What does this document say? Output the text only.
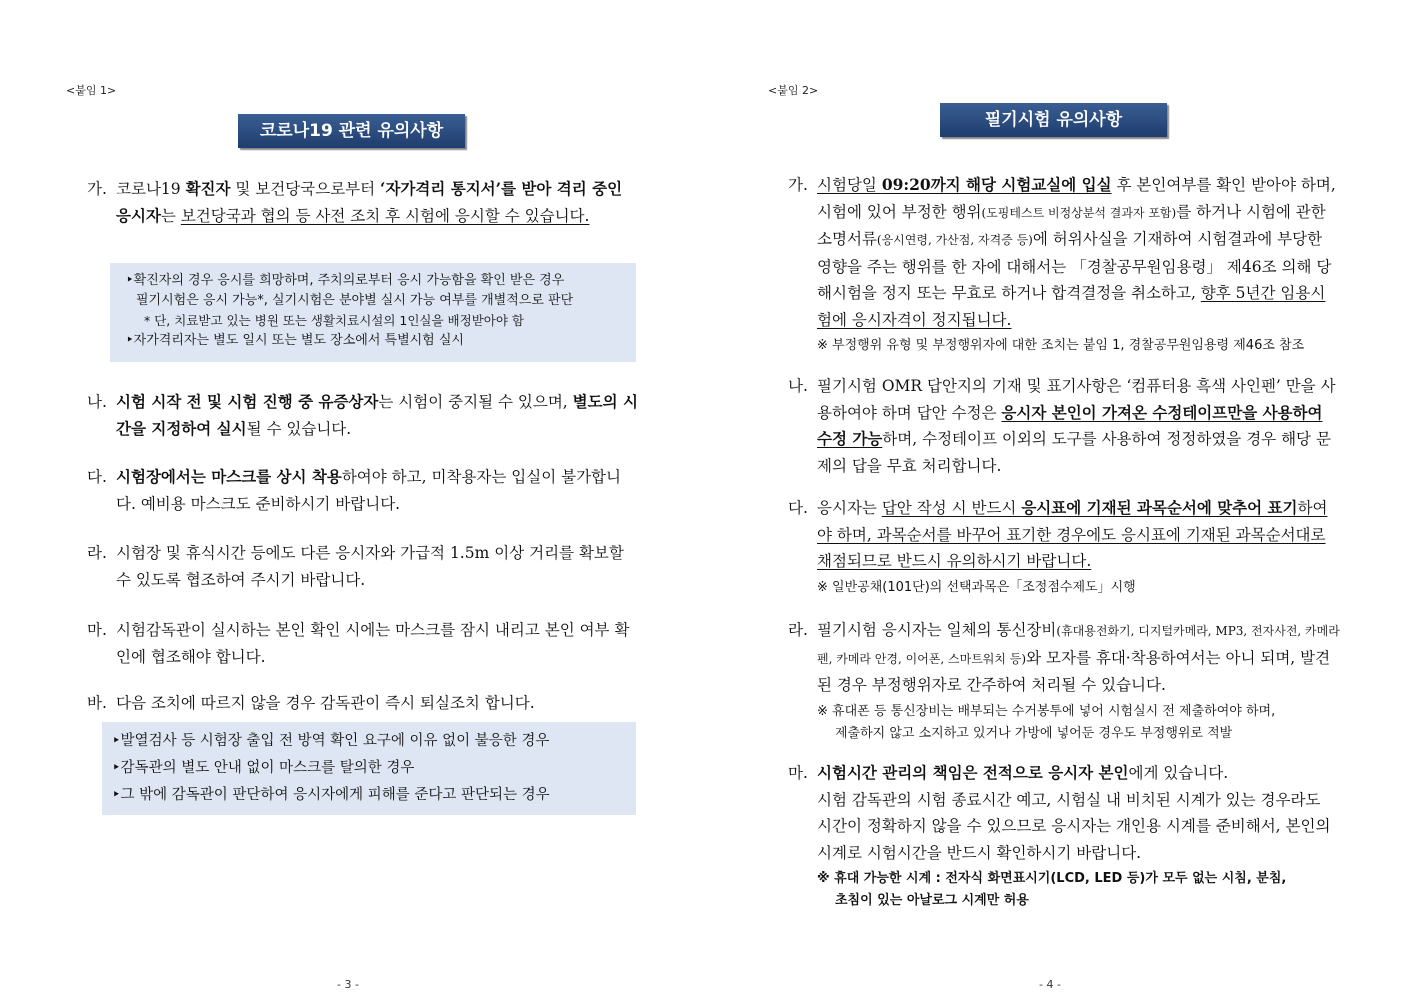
<붙임 1>
코로나19 관련 유의사항
가. 코로나19 확진자 및 보건당국으로부터 ‘자가격리 통지서’를 받아 격리 중인 응시자는 보건당국과 협의 등 사전 조치 후 시험에 응시할 수 있습니다.
‣확진자의 경우 응시를 희망하며, 주치의로부터 응시 가능함을 확인 받은 경우
필기시험은 응시 가능*, 실기시험은 분야별 실시 가능 여부를 개별적으로 판단
* 단, 치료받고 있는 병원 또는 생활치료시설의 1인실을 배정받아야 함
‣자가격리자는 별도 일시 또는 별도 장소에서 특별시험 실시
나. 시험 시작 전 및 시험 진행 중 유증상자는 시험이 중지될 수 있으며, 별도의 시간을 지정하여 실시될 수 있습니다.
다. 시험장에서는 마스크를 상시 착용하여야 하고, 미착용자는 입실이 불가합니다. 예비용 마스크도 준비하시기 바랍니다.
라. 시험장 및 휴식시간 등에도 다른 응시자와 가급적 1.5m 이상 거리를 확보할 수 있도록 협조하여 주시기 바랍니다.
마. 시험감독관이 실시하는 본인 확인 시에는 마스크를 잠시 내리고 본인 여부 확인에 협조해야 합니다.
바. 다음 조치에 따르지 않을 경우 감독관이 즉시 퇴실조치 합니다.
‣발열검사 등 시험장 출입 전 방역 확인 요구에 이유 없이 불응한 경우
‣감독관의 별도 안내 없이 마스크를 탈의한 경우
‣그 밖에 감독관이 판단하여 응시자에게 피해를 준다고 판단되는 경우
- 3 -
<붙임 2>
필기시험 유의사항
가. 시험당일 09:20까지 해당 시험교실에 입실 후 본인여부를 확인 받아야 하며, 시험에 있어 부정한 행위(도핑테스트 비정상분석 결과자 포함)를 하거나 시험에 관한 소명서류(응시연령, 가산점, 자격증 등)에 허위사실을 기재하여 시험결과에 부당한 영향을 주는 행위를 한 자에 대해서는 「경찰공무원임용령」 제46조 의해 당해시험을 정지 또는 무효로 하거나 합격결정을 취소하고, 향후 5년간 임용시험에 응시자격이 정지됩니다.
※ 부정행위 유형 및 부정행위자에 대한 조치는 붙임 1, 경찰공무원임용령 제46조 참조
나. 필기시험 OMR 답안지의 기재 및 표기사항은 ‘컴퓨터용 흑색 사인펜’ 만을 사용하여야 하며 답안 수정은 응시자 본인이 가져온 수정테이프만을 사용하여 수정 가능하며, 수정테이프 이외의 도구를 사용하여 정정하였을 경우 해당 문제의 답을 무효 처리합니다.
다. 응시자는 답안 작성 시 반드시 응시표에 기재된 과목순서에 맞추어 표기하여야 하며, 과목순서를 바꾸어 표기한 경우에도 응시표에 기재된 과목순서대로 채점되므로 반드시 유의하시기 바랍니다.
※ 일반공채(101단)의 선택과목은「조정점수제도」시행
라. 필기시험 응시자는 일체의 통신장비(휴대용전화기, 디지털카메라, MP3, 전자사전, 카메라펜, 카메라 안경, 이어폰, 스마트워치 등)와 모자를 휴대·착용하여서는 아니 되며, 발견된 경우 부정행위자로 간주하여 처리될 수 있습니다.
※ 휴대폰 등 통신장비는 배부되는 수거봉투에 넣어 시험실시 전 제출하여야 하며,
제출하지 않고 소지하고 있거나 가방에 넣어둔 경우도 부정행위로 적발
마. 시험시간 관리의 책임은 전적으로 응시자 본인에게 있습니다.
시험 감독관의 시험 종료시간 예고, 시험실 내 비치된 시계가 있는 경우라도 시간이 정확하지 않을 수 있으므로 응시자는 개인용 시계를 준비해서, 본인의 시계로 시험시간을 반드시 확인하시기 바랍니다.
※ 휴대 가능한 시계 : 전자식 화면표시기(LCD, LED 등)가 모두 없는 시침, 분침,
초침이 있는 아날로그 시계만 허용
- 4 -
